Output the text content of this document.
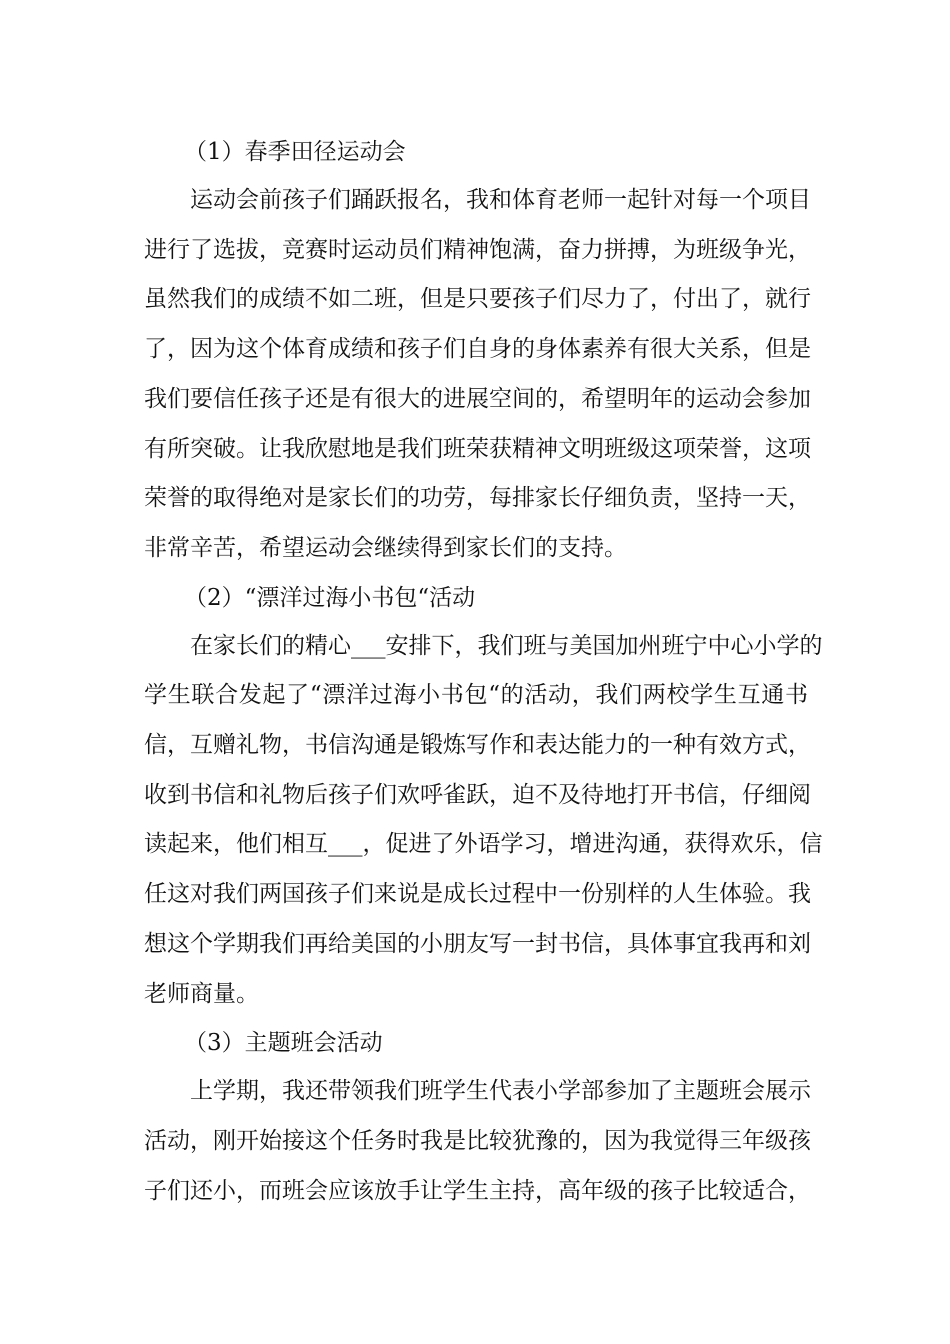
（1）春季田径运动会
运动会前孩子们踊跃报名，我和体育老师一起针对每一个项目
进行了选拔，竞赛时运动员们精神饱满，奋力拼搏，为班级争光，
虽然我们的成绩不如二班，但是只要孩子们尽力了，付出了，就行
了，因为这个体育成绩和孩子们自身的身体素养有很大关系，但是
我们要信任孩子还是有很大的进展空间的，希望明年的运动会参加
有所突破。让我欣慰地是我们班荣获精神文明班级这项荣誉，这项
荣誉的取得绝对是家长们的功劳，每排家长仔细负责，坚持一天，
非常辛苦，希望运动会继续得到家长们的支持。
（2）“漂洋过海小书包“活动
在家长们的精心___安排下，我们班与美国加州班宁中心小学的
学生联合发起了“漂洋过海小书包“的活动，我们两校学生互通书
信，互赠礼物，书信沟通是锻炼写作和表达能力的一种有效方式，
收到书信和礼物后孩子们欢呼雀跃，迫不及待地打开书信，仔细阅
读起来，他们相互___，促进了外语学习，增进沟通，获得欢乐，信
任这对我们两国孩子们来说是成长过程中一份别样的人生体验。我
想这个学期我们再给美国的小朋友写一封书信，具体事宜我再和刘
老师商量。
（3）主题班会活动
上学期，我还带领我们班学生代表小学部参加了主题班会展示
活动，刚开始接这个任务时我是比较犹豫的，因为我觉得三年级孩
子们还小，而班会应该放手让学生主持，高年级的孩子比较适合，
